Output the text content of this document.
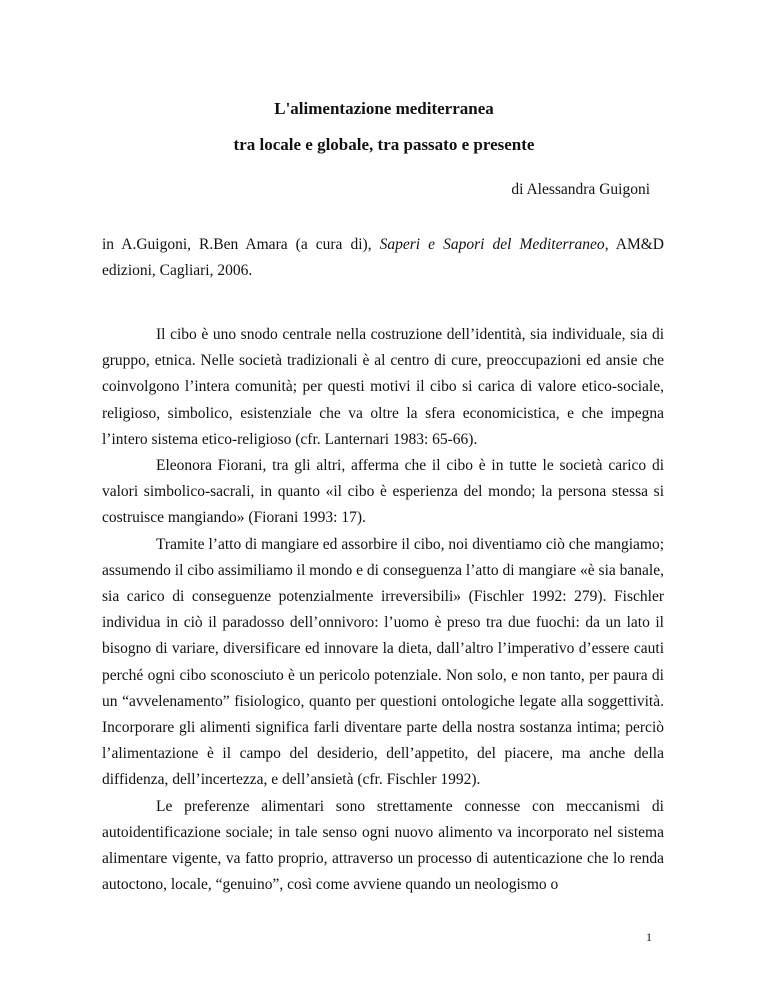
L'alimentazione mediterranea
tra locale e globale, tra passato e presente

di Alessandra Guigoni

in A.Guigoni, R.Ben Amara (a cura di), Saperi e Sapori del Mediterraneo, AM&D edizioni, Cagliari, 2006.

Il cibo è uno snodo centrale nella costruzione dell’identità, sia individuale, sia di gruppo, etnica. Nelle società tradizionali è al centro di cure, preoccupazioni ed ansie che coinvolgono l’intera comunità; per questi motivi il cibo si carica di valore etico-sociale, religioso, simbolico, esistenziale che va oltre la sfera economicistica, e che impegna l’intero sistema etico-religioso (cfr. Lanternari 1983: 65-66).

Eleonora Fiorani, tra gli altri, afferma che il cibo è in tutte le società carico di valori simbolico-sacrali, in quanto «il cibo è esperienza del mondo; la persona stessa si costruisce mangiando» (Fiorani 1993: 17).

Tramite l’atto di mangiare ed assorbire il cibo, noi diventiamo ciò che mangiamo; assumendo il cibo assimiliamo il mondo e di conseguenza l’atto di mangiare «è sia banale, sia carico di conseguenze potenzialmente irreversibili» (Fischler 1992: 279). Fischler individua in ciò il paradosso dell’onnivoro: l’uomo è preso tra due fuochi: da un lato il bisogno di variare, diversificare ed innovare la dieta, dall’altro l’imperativo d’essere cauti perché ogni cibo sconosciuto è un pericolo potenziale. Non solo, e non tanto, per paura di un “avvelenamento” fisiologico, quanto per questioni ontologiche legate alla soggettività. Incorporare gli alimenti significa farli diventare parte della nostra sostanza intima; perciò l’alimentazione è il campo del desiderio, dell’appetito, del piacere, ma anche della diffidenza, dell’incertezza, e dell’ansietà (cfr. Fischler 1992).

Le preferenze alimentari sono strettamente connesse con meccanismi di autoidentificazione sociale; in tale senso ogni nuovo alimento va incorporato nel sistema alimentare vigente, va fatto proprio, attraverso un processo di autenticazione che lo renda autoctono, locale, “genuino”, così come avviene quando un neologismo o

1
